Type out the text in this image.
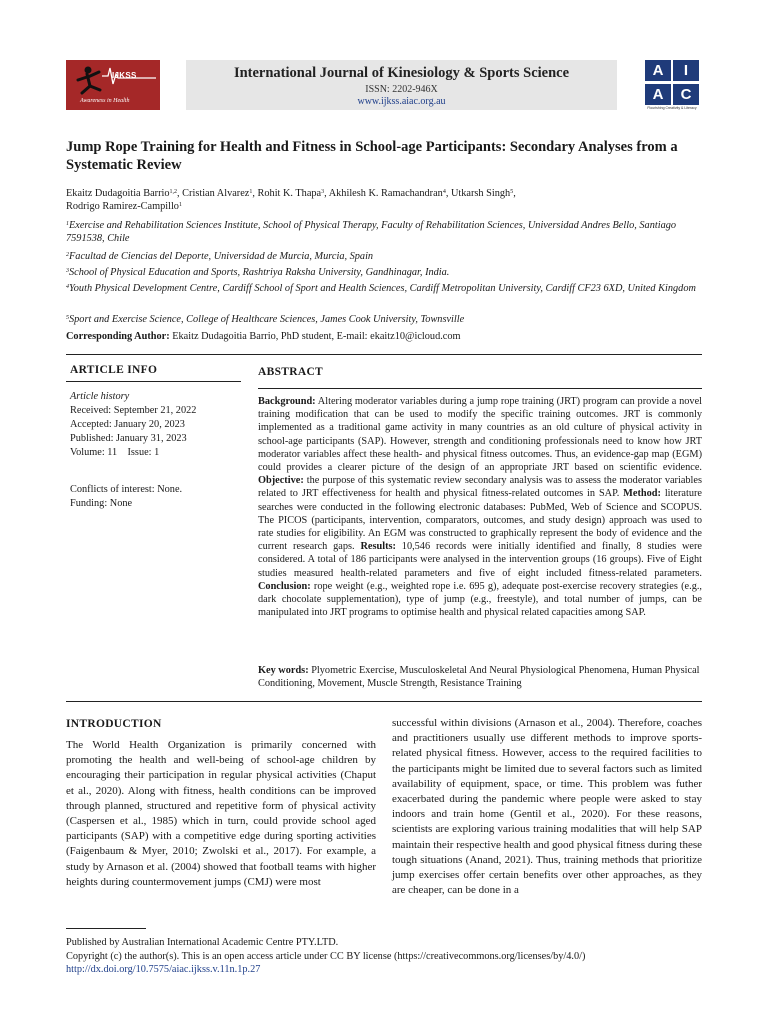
IJKSS
Awareness in Health
International Journal of Kinesiology & Sports Science
ISSN: 2202-946X
www.ijkss.aiac.org.au
A	I
A	C
Flourishing Creativity & Literacy
Jump Rope Training for Health and Fitness in School-age Participants: Secondary Analyses from a Systematic Review
Ekaitz Dudagoitia Barrio$^{1,2}$, Cristian Alvarez$^1$, Rohit K. Thapa$^3$, Akhilesh K. Ramachandran$^4$, Utkarsh Singh$^5$,
Rodrigo Ramirez-Campillo$^1$
$^1$Exercise and Rehabilitation Sciences Institute, School of Physical Therapy, Faculty of Rehabilitation Sciences, Universidad Andres Bello, Santiago 7591538, Chile
$^2$Facultad de Ciencias del Deporte, Universidad de Murcia, Murcia, Spain
$^3$School of Physical Education and Sports, Rashtriya Raksha University, Gandhinagar, India.
$^4$Youth Physical Development Centre, Cardiff School of Sport and Health Sciences, Cardiff Metropolitan University, Cardiff CF23 6XD, United Kingdom
$^5$Sport and Exercise Science, College of Healthcare Sciences, James Cook University, Townsville
Corresponding Author: Ekaitz Dudagoitia Barrio, PhD student, E-mail: ekaitz10@icloud.com
ARTICLE INFO
Article history
Received: September 21, 2022
Accepted: January 20, 2023
Published: January 31, 2023
Volume: 11 Issue: 1
Conflicts of interest: None.
Funding: None
ABSTRACT
Background: Altering moderator variables during a jump rope training (JRT) program can provide a novel training modification that can be used to modify the specific training outcomes. JRT is commonly implemented as a traditional game activity in many countries as an old culture of physical activity in school-age participants (SAP). However, strength and conditioning professionals need to know how JRT moderator variables affect these health- and physical fitness outcomes. Thus, an evidence-gap map (EGM) could provides a clearer picture of the design of an appropriate JRT based on scientific evidence. Objective: the purpose of this systematic review secondary analysis was to assess the moderator variables related to JRT effectiveness for health and physical fitness-related outcomes in SAP. Method: literature searches were conducted in the following electronic databases: PubMed, Web of Science and SCOPUS. The PICOS (participants, intervention, comparators, outcomes, and study design) approach was used to rate studies for eligibility. An EGM was constructed to graphically represent the body of evidence and the current research gaps. Results: 10,546 records were initially identified and finally, 8 studies were considered. A total of 186 participants were analysed in the intervention groups (16 groups). Five of Eight studies measured health-related parameters and five of eight included fitness-related parameters. Conclusion: rope weight (e.g., weighted rope i.e. 695 g), adequate post-exercise recovery strategies (e.g., dark chocolate supplementation), type of jump (e.g., freestyle), and total number of jumps, can be manipulated into JRT programs to optimise health and physical related capacities among SAP.
Key words: Plyometric Exercise, Musculoskeletal And Neural Physiological Phenomena, Human Physical Conditioning, Movement, Muscle Strength, Resistance Training
INTRODUCTION
The World Health Organization is primarily concerned with promoting the health and well-being of school-age children by encouraging their participation in regular physical activities (Chaput et al., 2020). Along with fitness, health conditions can be improved through planned, structured and repetitive form of physical activity (Caspersen et al., 1985) which in turn, could provide school aged participants (SAP) with a competitive edge during sporting activities (Faigenbaum & Myer, 2010; Zwolski et al., 2017). For example, a study by Arnason et al. (2004) showed that football teams with higher heights during countermovement jumps (CMJ) were most
successful within divisions (Arnason et al., 2004). Therefore, coaches and practitioners usually use different methods to improve sports-related physical fitness. However, access to the required facilities to the participants might be limited due to several factors such as limited availability of equipment, space, or time. This problem was futher exacerbated during the pandemic where people were asked to stay indoors and train home (Gentil et al., 2020). For these reasons, scientists are exploring various training modalities that will help SAP maintain their respective health and good physical fitness during these tough situations (Anand, 2021). Thus, training methods that prioritize jump exercises offer certain benefits over other approaches, as they are cheaper, can be done in a
Published by Australian International Academic Centre PTY.LTD.
Copyright (c) the author(s). This is an open access article under CC BY license (https://creativecommons.org/licenses/by/4.0/)
http://dx.doi.org/10.7575/aiac.ijkss.v.11n.1p.27
